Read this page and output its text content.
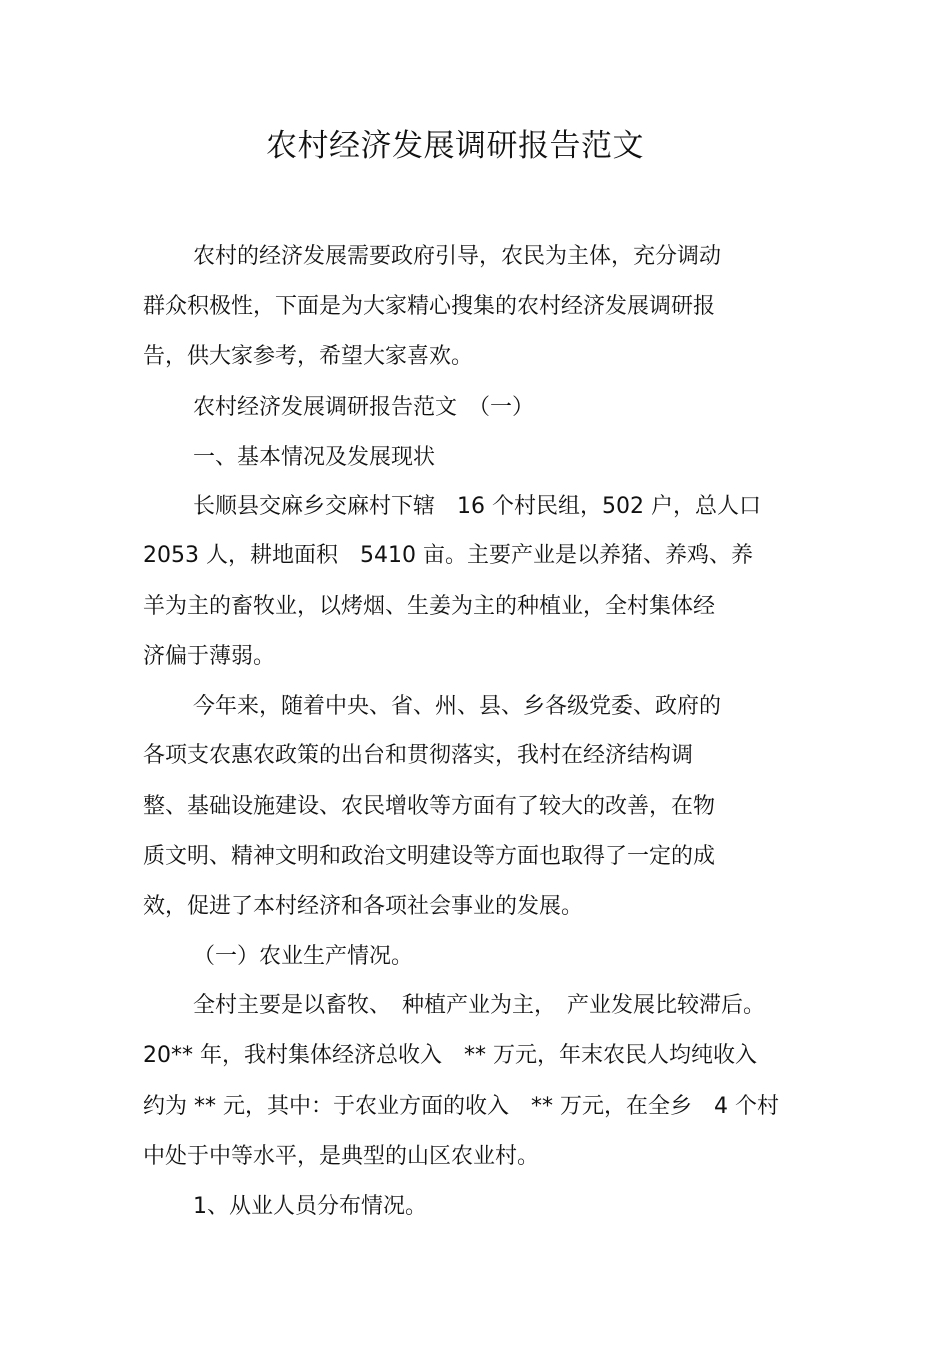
农村经济发展调研报告范文
农村的经济发展需要政府引导，农民为主体，充分调动
群众积极性，下面是为大家精心搜集的农村经济发展调研报
告，供大家参考，希望大家喜欢。
农村经济发展调研报告范文　（一）
一、基本情况及发展现状
长顺县交麻乡交麻村下辖　16 个村民组，502 户，总人口
2053 人，耕地面积　5410 亩。主要产业是以养猪、养鸡、养
羊为主的畜牧业，以烤烟、生姜为主的种植业，全村集体经
济偏于薄弱。
今年来，随着中央、省、州、县、乡各级党委、政府的
各项支农惠农政策的出台和贯彻落实，我村在经济结构调
整、基础设施建设、农民增收等方面有了较大的改善，在物
质文明、精神文明和政治文明建设等方面也取得了一定的成
效，促进了本村经济和各项社会事业的发展。
（一）农业生产情况。
全村主要是以畜牧、　种植产业为主，　产业发展比较滞后。
20** 年，我村集体经济总收入　** 万元，年末农民人均纯收入
约为 ** 元，其中：于农业方面的收入　** 万元，在全乡　4 个村
中处于中等水平，是典型的山区农业村。
1、从业人员分布情况。
